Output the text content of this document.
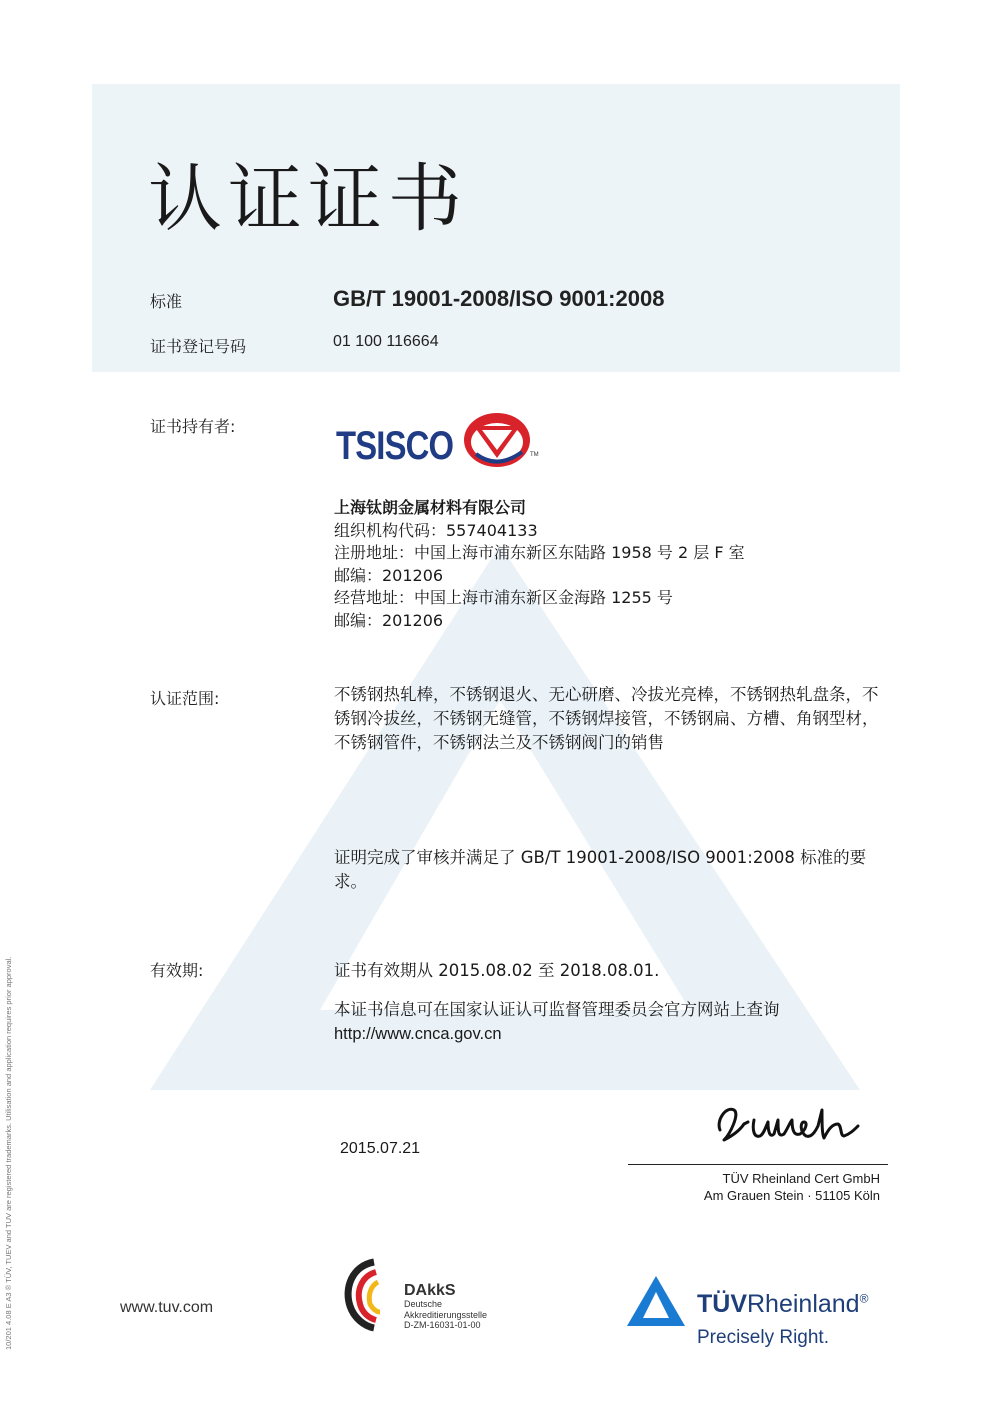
认证证书
标准	GB/T 19001-2008/ISO 9001:2008
证书登记号码	01 100 116664
证书持有者:	TSISCO	TM
上海钛朗金属材料有限公司
组织机构代码：557404133
注册地址：中国上海市浦东新区东陆路 1958 号 2 层 F 室
邮编：201206
经营地址：中国上海市浦东新区金海路 1255 号
邮编：201206
认证范围:	不锈钢热轧棒，不锈钢退火、无心研磨、冷拔光亮棒，不锈钢热轧盘条，不锈钢冷拔丝，不锈钢无缝管，不锈钢焊接管，不锈钢扁、方槽、角钢型材，不锈钢管件，不锈钢法兰及不锈钢阀门的销售
证明完成了审核并满足了 GB/T 19001-2008/ISO 9001:2008 标准的要求。
有效期:	证书有效期从 2015.08.02 至 2018.08.01.
本证书信息可在国家认证认可监督管理委员会官方网站上查询
http://www.cnca.gov.cn
2015.07.21
TÜV Rheinland Cert GmbH
Am Grauen Stein · 51105 Köln
10/201 4.08 E A3 ® TÜV, TUEV and TUV are registered trademarks. Utilisation and application requires prior approval.	www.tuv.com
DAkkS
Deutsche
Akkreditierungsstelle
D-ZM-16031-01-00
TÜVRheinland®
Precisely Right.
